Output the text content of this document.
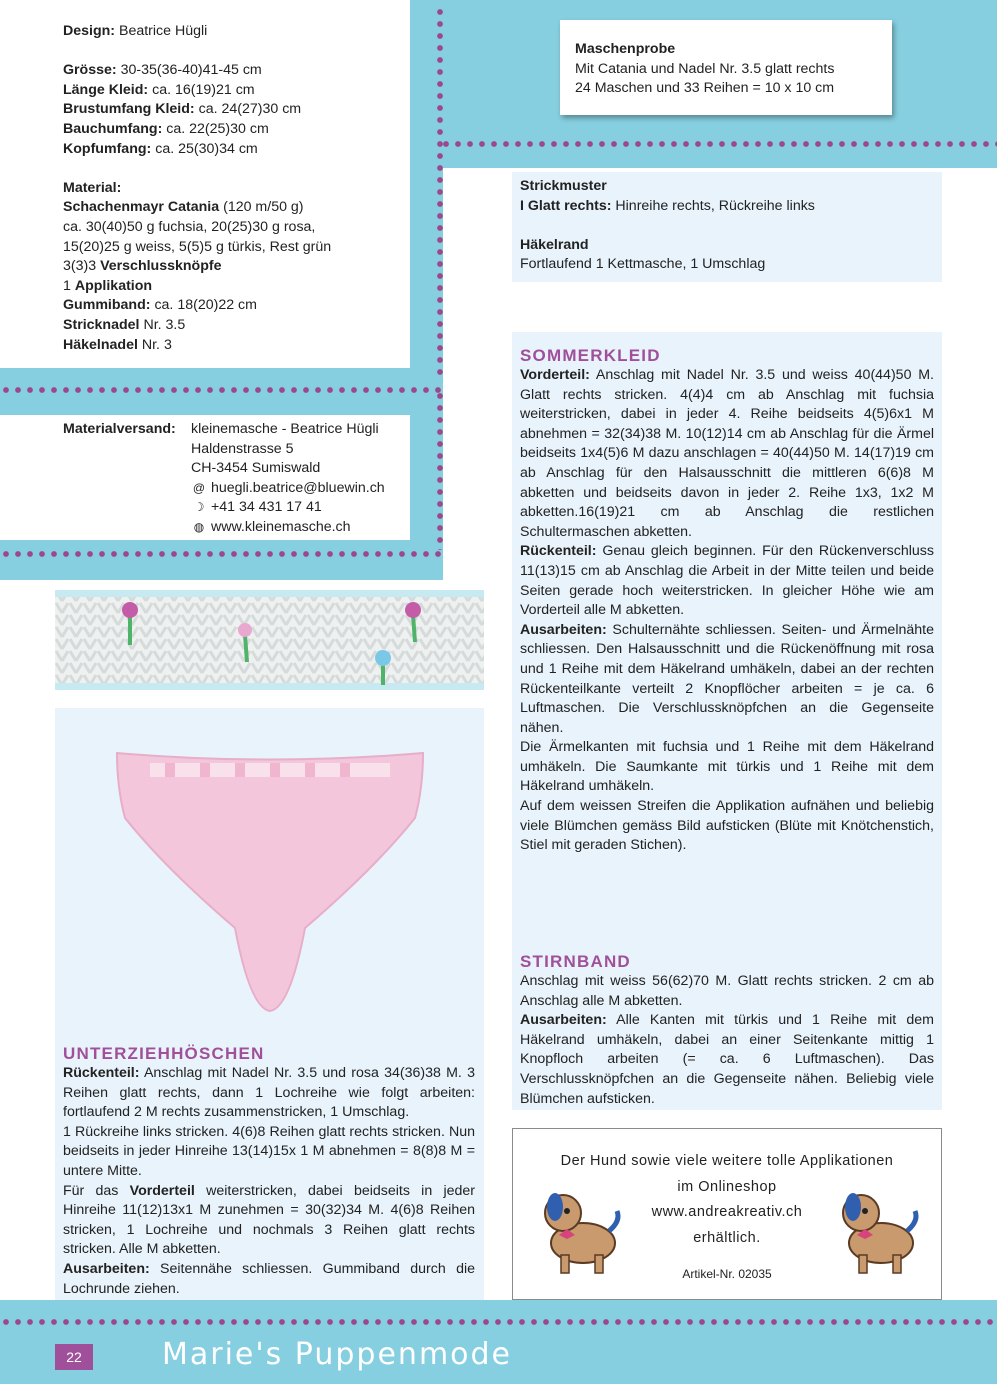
Maschenprobe
Mit Catania und Nadel Nr. 3.5 glatt rechts
24 Maschen und 33 Reihen = 10 x 10 cm
Design: Beatrice Hügli
Grösse: 30-35(36-40)41-45 cm
Länge Kleid: ca. 16(19)21 cm
Brustumfang Kleid: ca. 24(27)30 cm
Bauchumfang: ca. 22(25)30 cm
Kopfumfang: ca. 25(30)34 cm
Material:
Schachenmayr Catania (120 m/50 g)
ca. 30(40)50 g fuchsia, 20(25)30 g rosa,
15(20)25 g weiss, 5(5)5 g türkis, Rest grün
3(3)3 Verschlussknöpfe
1 Applikation
Gummiband: ca. 18(20)22 cm
Stricknadel Nr. 3.5
Häkelnadel Nr. 3
Materialversand: kleinemasche - Beatrice Hügli
Haldenstrasse 5
CH-3454 Sumiswald
@ huegli.beatrice@bluewin.ch
☽ +41 34 431 17 41
◍ www.kleinemasche.ch
Strickmuster
I Glatt rechts: Hinreihe rechts, Rückreihe links
Häkelrand
Fortlaufend 1 Kettmasche, 1 Umschlag
SOMMERKLEID

Vorderteil: Anschlag mit Nadel Nr. 3.5 und weiss 40(44)50 M. Glatt rechts stricken. 4(4)4 cm ab Anschlag mit fuchsia weiterstricken, dabei in jeder 4. Reihe beidseits 4(5)6x1 M abnehmen = 32(34)38 M. 10(12)14 cm ab Anschlag für die Ärmel beidseits 1x4(5)6 M dazu anschlagen = 40(44)50 M. 14(17)19 cm ab Anschlag für den Halsausschnitt die mittleren 6(6)8 M abketten und beidseits davon in jeder 2. Reihe 1x3, 1x2 M abketten.16(19)21 cm ab Anschlag die restlichen Schultermaschen abketten.

Rückenteil: Genau gleich beginnen. Für den Rückenverschluss 11(13)15 cm ab Anschlag die Arbeit in der Mitte teilen und beide Seiten gerade hoch weiterstricken. In gleicher Höhe wie am Vorderteil alle M abketten.

Ausarbeiten: Schulternähte schliessen. Seiten- und Ärmelnähte schliessen. Den Halsausschnitt und die Rückenöffnung mit rosa und 1 Reihe mit dem Häkelrand umhäkeln, dabei an der rechten Rückenteilkante verteilt 2 Knopflöcher arbeiten = je ca. 6 Luftmaschen. Die Verschlussknöpfchen an die Gegenseite nähen.

Die Ärmelkanten mit fuchsia und 1 Reihe mit dem Häkelrand umhäkeln. Die Saumkante mit türkis und 1 Reihe mit dem Häkelrand umhäkeln.

Auf dem weissen Streifen die Applikation aufnähen und beliebig viele Blümchen gemäss Bild aufsticken (Blüte mit Knötchenstich, Stiel mit geraden Stichen).

STIRNBAND

Anschlag mit weiss 56(62)70 M. Glatt rechts stricken. 2 cm ab Anschlag alle M abketten.

Ausarbeiten: Alle Kanten mit türkis und 1 Reihe mit dem Häkelrand umhäkeln, dabei an einer Seitenkante mittig 1 Knopfloch arbeiten (= ca. 6 Luftmaschen). Das Verschlussknöpfchen an die Gegenseite nähen. Beliebig viele Blümchen aufsticken.

UNTERZIEHHÖSCHEN

Rückenteil: Anschlag mit Nadel Nr. 3.5 und rosa 34(36)38 M. 3 Reihen glatt rechts, dann 1 Lochreihe wie folgt arbeiten: fortlaufend 2 M rechts zusammenstricken, 1 Umschlag.

1 Rückreihe links stricken. 4(6)8 Reihen glatt rechts stricken. Nun beidseits in jeder Hinreihe 13(14)15x 1 M abnehmen = 8(8)8 M = untere Mitte.

Für das Vorderteil weiterstricken, dabei beidseits in jeder Hinreihe 11(12)13x1 M zunehmen = 30(32)34 M. 4(6)8 Reihen stricken, 1 Lochreihe und nochmals 3 Reihen glatt rechts stricken. Alle M abketten.

Ausarbeiten: Seitennähe schliessen. Gummiband durch die Lochrunde ziehen.

Der Hund sowie viele weitere tolle Applikationen
im Onlineshop
www.andreakreativ.ch
erhältlich.
Artikel-Nr. 02035
22	Marie's Puppenmode
